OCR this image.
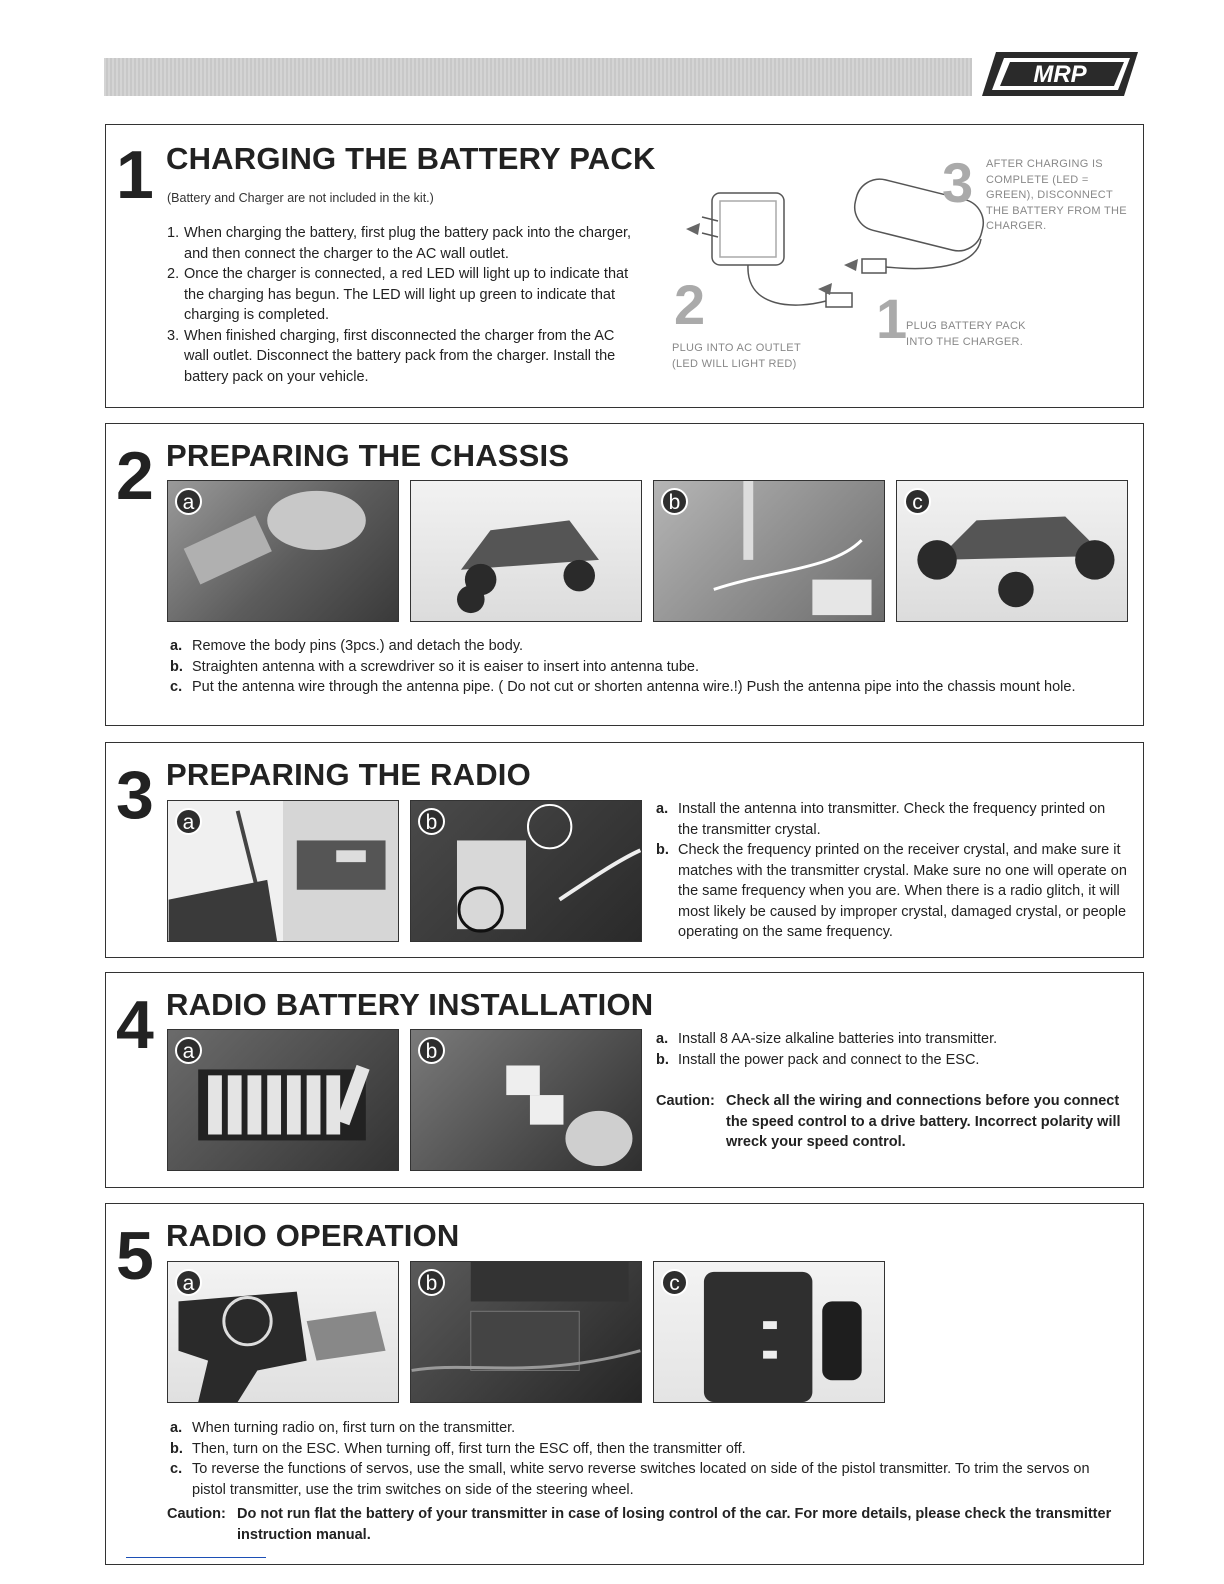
MRP
1 CHARGING THE BATTERY PACK
(Battery and Charger are not included in the kit.)
1. When charging the battery, first plug the battery pack into the charger, and then connect the charger to the AC wall outlet.
2. Once the charger is connected, a red LED will light up to indicate that the charging has begun. The LED will light up green to indicate that charging is completed.
3. When finished charging, first disconnected the charger from the AC wall outlet. Disconnect the battery pack from the charger. Install the battery pack on your vehicle.
3 AFTER CHARGING IS COMPLETE (LED = GREEN), DISCONNECT THE BATTERY FROM THE CHARGER.
2
PLUG INTO AC OUTLET (LED WILL LIGHT RED)
1
PLUG BATTERY PACK INTO THE CHARGER.
2 PREPARING THE CHASSIS
a	b	c
a. Remove the body pins (3pcs.) and detach the body.
b. Straighten antenna with a screwdriver so it is eaiser to insert into antenna tube.
c. Put the antenna wire through the antenna pipe. ( Do not cut or shorten antenna wire.!) Push the antenna pipe into the chassis mount hole.
3 PREPARING THE RADIO
a	b
a. Install the antenna into transmitter. Check the frequency printed on the transmitter crystal.
b. Check the frequency printed on the receiver crystal, and make sure it matches with the transmitter crystal. Make sure no one will operate on the same frequency when you are. When there is a radio glitch, it will most likely be caused by improper crystal, damaged crystal, or people operating on the same frequency.
4 RADIO BATTERY INSTALLATION
a	b
a. Install 8 AA-size alkaline batteries into transmitter.
b. Install the power pack and connect to the ESC.
Caution: Check all the wiring and connections before you connect the speed control to a drive battery. Incorrect polarity will wreck your speed control.
5 RADIO OPERATION
a	b	c
a. When turning radio on, first turn on the transmitter.
b. Then, turn on the ESC. When turning off, first turn the ESC off, then the transmitter off.
c. To reverse the functions of servos, use the small, white servo reverse switches located on side of the pistol transmitter. To trim the servos on pistol transmitter, use the trim switches on side of the steering wheel.
Caution: Do not run flat the battery of your transmitter in case of losing control of the car. For more details, please check the transmitter instruction manual.
